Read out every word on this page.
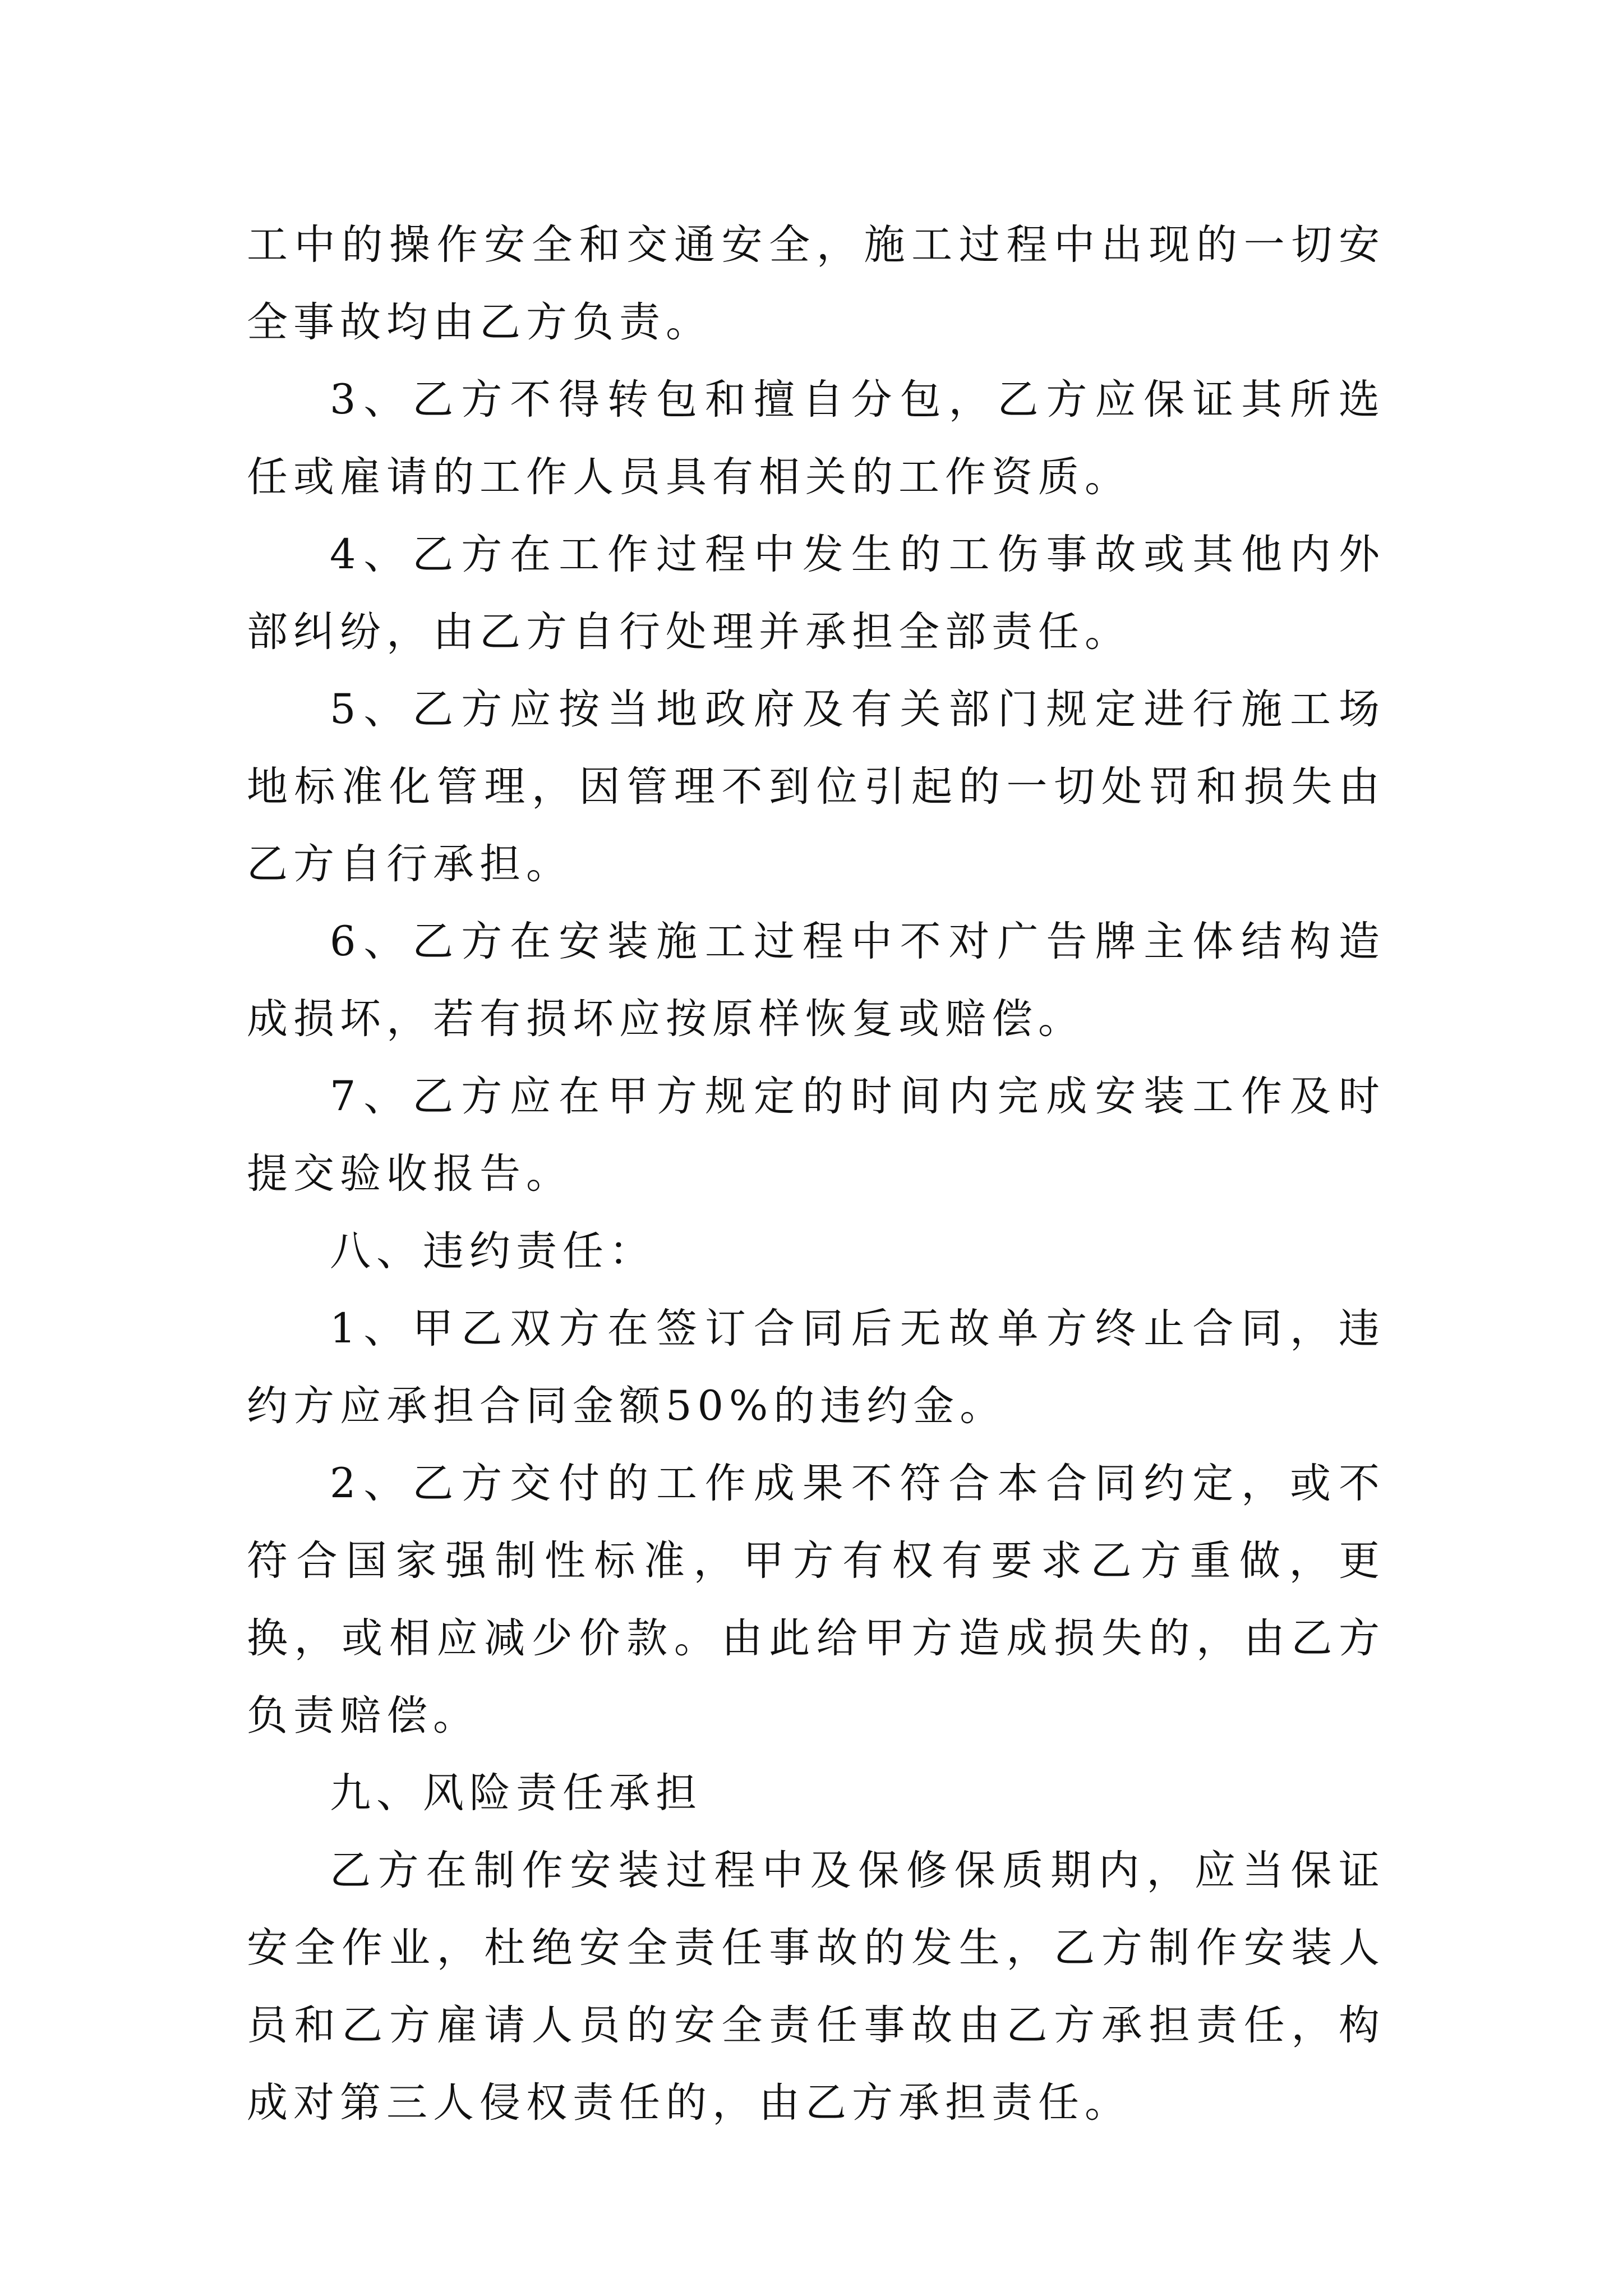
工中的操作安全和交通安全，施工过程中出现的一切安全事故均由乙方负责。

3、乙方不得转包和擅自分包，乙方应保证其所选任或雇请的工作人员具有相关的工作资质。

4、乙方在工作过程中发生的工伤事故或其他内外部纠纷，由乙方自行处理并承担全部责任。

5、乙方应按当地政府及有关部门规定进行施工场地标准化管理，因管理不到位引起的一切处罚和损失由乙方自行承担。

6、乙方在安装施工过程中不对广告牌主体结构造成损坏，若有损坏应按原样恢复或赔偿。

7、乙方应在甲方规定的时间内完成安装工作及时提交验收报告。

八、违约责任：

1、甲乙双方在签订合同后无故单方终止合同，违约方应承担合同金额50%的违约金。

2、乙方交付的工作成果不符合本合同约定，或不符合国家强制性标准，甲方有权有要求乙方重做，更换，或相应减少价款。由此给甲方造成损失的，由乙方负责赔偿。

九、风险责任承担

乙方在制作安装过程中及保修保质期内，应当保证安全作业，杜绝安全责任事故的发生，乙方制作安装人员和乙方雇请人员的安全责任事故由乙方承担责任，构成对第三人侵权责任的，由乙方承担责任。
